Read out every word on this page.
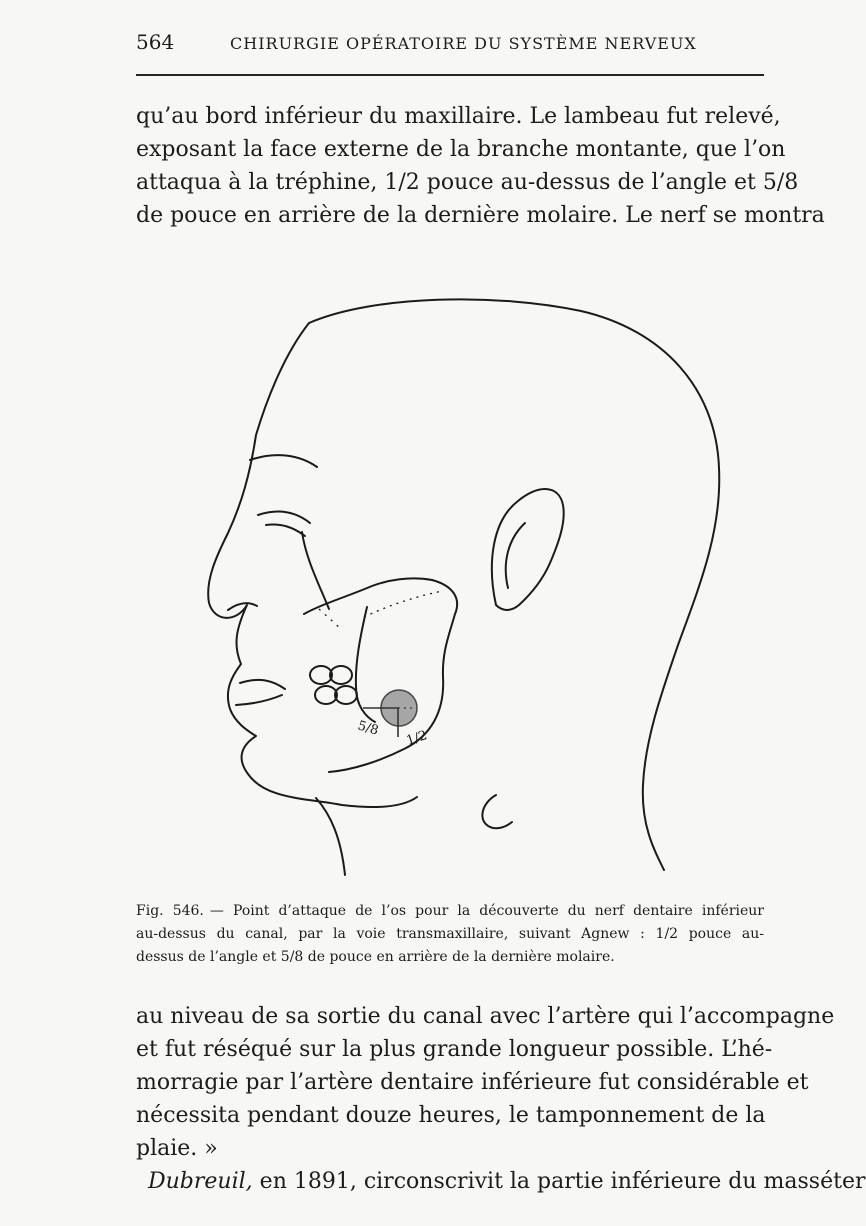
564	CHIRURGIE OPÉRATOIRE DU SYSTÈME NERVEUX
qu’au bord inférieur du maxillaire. Le lambeau fut relevé,
exposant la face externe de la branche montante, que l’on
attaqua à la tréphine, 1/2 pouce au-dessus de l’angle et 5/8
de pouce en arrière de la dernière molaire. Le nerf se montra
5/8 1/2
C
Fig. 546. — Point d’attaque de l’os pour la découverte du nerf dentaire inférieur
au-dessus du canal, par la voie transmaxillaire, suivant Agnew : 1/2 pouce au-
dessus de l’angle et 5/8 de pouce en arrière de la dernière molaire.
au niveau de sa sortie du canal avec l’artère qui l’accompagne
et fut réséqué sur la plus grande longueur possible. L’hé-
morragie par l’artère dentaire inférieure fut considérable et
nécessita pendant douze heures, le tamponnement de la
plaie. »
Dubreuil, en 1891, circonscrivit la partie inférieure du masséter
